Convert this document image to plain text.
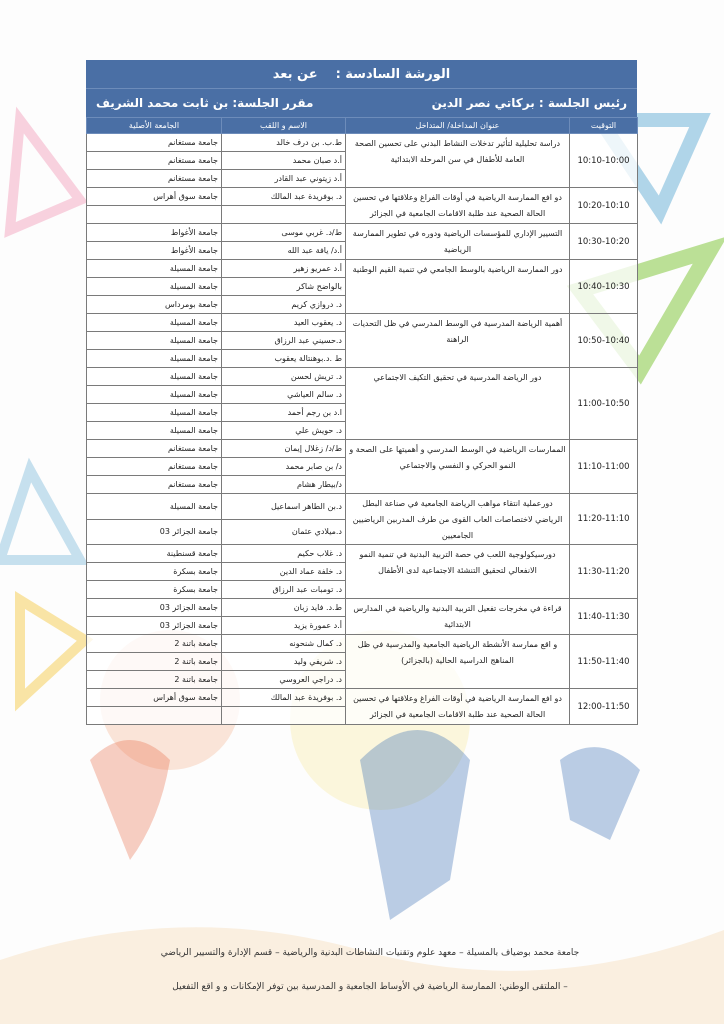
الورشة السادسة :
عن بعد
رئيس الجلسة : بركاتي نصر الدين
مقرر الجلسة: بن ثابت محمد الشريف
التوقيت	عنوان المداخلة/ المتداخل	الاسم و اللقب	الجامعة الأصلية
10:10-10:00	دراسة تحليلية لتأثير تدخلات النشاط البدني على تحسين الصحة العامة للأطفال في سن المرحلة الابتدائية	ط.ب. بن درف خالد	جامعة مستغانم
		أ.د صبان محمد	جامعة مستغانم
		أ.د زيتوني عبد القادر	جامعة مستغانم
10:20-10:10	دو افع الممارسة الرياضية في أوقات الفراغ وعلاقتها في تحسين الحالة الصحية عند طلبة الاقامات الجامعية في الجزائر	د. بوفريدة عبد المالك	جامعة سوق أهراس

10:30-10:20	التسيير الإداري للمؤسسات الرياضية ودوره في تطوير الممارسة الرياضية	ط/د. غربي موسى	جامعة الأغواط
		أ.د/ يافة عبد الله	جامعة الأغواط
10:40-10:30	دور الممارسة الرياضية بالوسط الجامعي في تنمية القيم الوطنية	أ.د عمريو زهير	جامعة المسيلة
		بالواضح شاكر	جامعة المسيلة
		د. دروازي كريم	جامعة بومرداس
10:50-10:40	أهمية الرياضة المدرسية في الوسط المدرسي في ظل التحديات الراهنة	د. يعقوب العيد	جامعة المسيلة
		د.حسيني عبد الرزاق	جامعة المسيلة
		ط .د.بوهنتالة يعقوب	جامعة المسيلة
11:00-10:50	دور الرياضة المدرسية في تحقيق التكيف الاجتماعي	د. تريش لحسن	جامعة المسيلة
		د. سالم العياشي	جامعة المسيلة
		ا.د بن رجم أحمد	جامعة المسيلة
		د. حويش علي	جامعة المسيلة
11:10-11:00	الممارسات الرياضية في الوسط المدرسي و أهميتها على الصحة و النمو الحركي و النفسي والاجتماعي	ط/د/ زغلال إيمان	جامعة مستغانم
		د/ بن صابر محمد	جامعة مستغانم
		د/بيطار هشام	جامعة مستغانم
11:20-11:10	دورعملية انتقاء مواهب الرياضة الجامعية في صناعة البطل الرياضي لاختصاصات العاب القوى من طرف المدربين الرياضيين الجامعيين	د.بن الطاهر اسماعيل	جامعة المسيلة
		د.ميلادي عثمان	جامعة الجزائر 03
11:30-11:20	دورسيكولوجية اللعب في حصة التربية البدنية في تنمية النمو الانفعالي لتحقيق التنشئة الاجتماعية لدى الأطفال	د. غلاب حكيم	جامعة قسنطينة
		د. خلفة عماد الدين	جامعة بسكرة
		د. تومبات عبد الرزاق	جامعة بسكرة
11:40-11:30	قراءة في مخرجات تفعيل التربية البدنية والرياضية في المدارس الابتدائية	ط.د. فايد زبان	جامعة الجزائر 03
		أ.د عمورة يزيد	جامعة الجزائر 03
11:50-11:40	و اقع ممارسة الأنشطة الرياضية الجامعية والمدرسية في ظل المناهج الدراسية الحالية (بالجزائر)	د. كمال شنحونه	جامعة باتنة 2
		د. شريفي وليد	جامعة باتنة 2
		د. دراجي العروسي	جامعة باتنة 2
12:00-11:50	دو افع الممارسة الرياضية في أوقات الفراغ وعلاقتها في تحسين الحالة الصحية عند طلبة الاقامات الجامعية في الجزائر	د. بوفريدة عبد المالك	جامعة سوق أهراس

جامعة محمد بوضياف بالمسيلة – معهد علوم وتقنيات النشاطات البدنية والرياضية – قسم الإدارة والتسيير الرياضي
– الملتقى الوطني: الممارسة الرياضية في الأوساط الجامعية و المدرسية بين توفر الإمكانات و و اقع التفعيل
